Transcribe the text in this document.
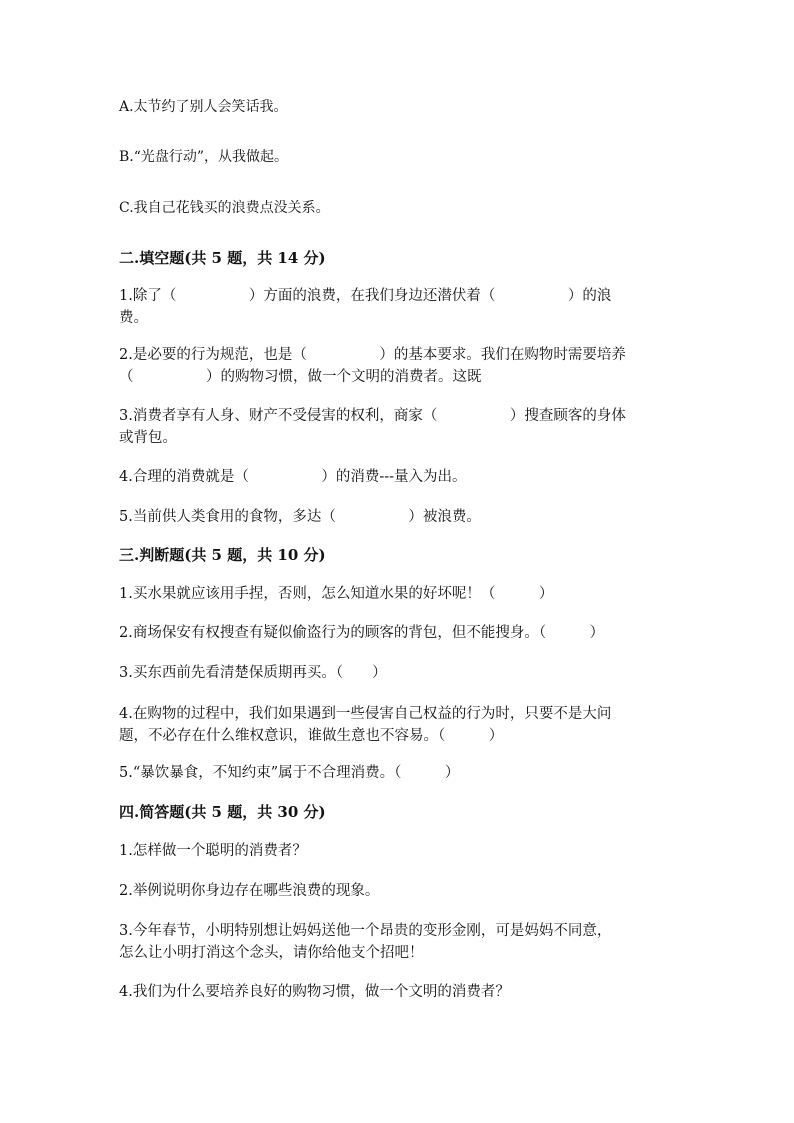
A.太节约了别人会笑话我。
B.“光盘行动”，从我做起。
C.我自己花钱买的浪费点没关系。
二.填空题(共 5 题，共 14 分)
1.除了（　　　　　）方面的浪费，在我们身边还潜伏着（　　　　　）的浪
费。
2.是必要的行为规范，也是（　　　　　）的基本要求。我们在购物时需要培养
（　　　　　）的购物习惯，做一个文明的消费者。这既
3.消费者享有人身、财产不受侵害的权利，商家（　　　　　）搜查顾客的身体
或背包。
4.合理的消费就是（　　　　　）的消费---量入为出。
5.当前供人类食用的食物，多达（　　　　　）被浪费。
三.判断题(共 5 题，共 10 分)
1.买水果就应该用手捏，否则，怎么知道水果的好坏呢！（　　　）
2.商场保安有权搜查有疑似偷盗行为的顾客的背包，但不能搜身。（　　　）
3.买东西前先看清楚保质期再买。（　　）
4.在购物的过程中，我们如果遇到一些侵害自己权益的行为时，只要不是大问
题，不必存在什么维权意识，谁做生意也不容易。（　　　）
5.“暴饮暴食，不知约束”属于不合理消费。（　　　）
四.简答题(共 5 题，共 30 分)
1.怎样做一个聪明的消费者？
2.举例说明你身边存在哪些浪费的现象。
3.今年春节，小明特别想让妈妈送他一个昂贵的变形金刚，可是妈妈不同意，
怎么让小明打消这个念头，请你给他支个招吧！
4.我们为什么要培养良好的购物习惯，做一个文明的消费者？
